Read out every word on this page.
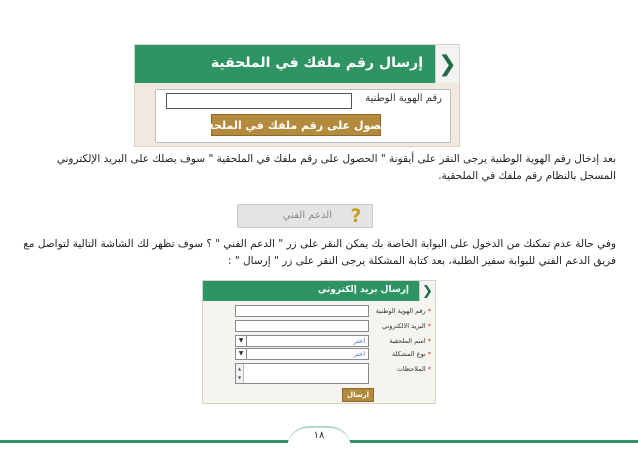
❮
إرسال رقم ملفك في الملحقية
رقم الهوية الوطنية
الحصول على رقم ملفك في الملحقية

بعد إدخال رقم الهوية الوطنية يرجى النقر على أيقونة " الحصول على رقم ملفك في الملحقية " سوف يصلك على البريد الإلكتروني المسجل بالنظام رقم ملفك في الملحقية.

?
الدعم الفني

وفي حالة عدم تمكنك من الدخول على البوابة الخاصة بك يمكن النقر على زر " الدعم الفني " ؟ سوف تظهر لك الشاشة التالية لتواصل مع فريق الدعم الفني للبوابة سفير الطلبة، بعد كتابة المشكلة يرجى النقر على زر " إرسال " :

❮
إرسال بريد إلكتروني
* رقم الهوية الوطنية
* البريد الالكتروني
* اسم الملحقية
اختر
▼
* نوع المشكلة
اختر
▼
* الملاحظات
▲
▼
ارسال
١٨
